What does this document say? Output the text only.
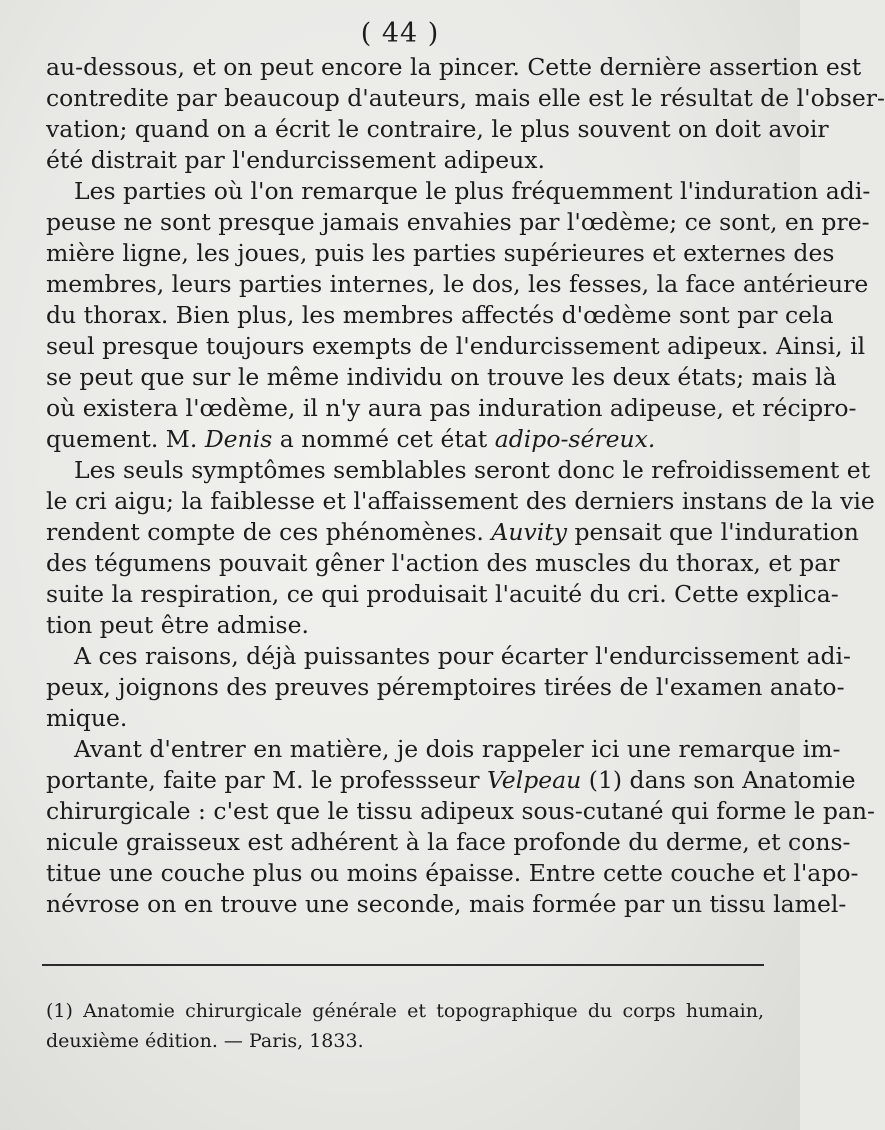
( 44 )
au-dessous, et on peut encore la pincer. Cette dernière assertion est
contredite par beaucoup d'auteurs, mais elle est le résultat de l'obser-
vation; quand on a écrit le contraire, le plus souvent on doit avoir
été distrait par l'endurcissement adipeux.
Les parties où l'on remarque le plus fréquemment l'induration adi-
peuse ne sont presque jamais envahies par l'œdème; ce sont, en pre-
mière ligne, les joues, puis les parties supérieures et externes des
membres, leurs parties internes, le dos, les fesses, la face antérieure
du thorax. Bien plus, les membres affectés d'œdème sont par cela
seul presque toujours exempts de l'endurcissement adipeux. Ainsi, il
se peut que sur le même individu on trouve les deux états; mais là
où existera l'œdème, il n'y aura pas induration adipeuse, et récipro-
quement. M. Denis a nommé cet état adipo-séreux.
Les seuls symptômes semblables seront donc le refroidissement et
le cri aigu; la faiblesse et l'affaissement des derniers instans de la vie
rendent compte de ces phénomènes. Auvity pensait que l'induration
des tégumens pouvait gêner l'action des muscles du thorax, et par
suite la respiration, ce qui produisait l'acuité du cri. Cette explica-
tion peut être admise.
A ces raisons, déjà puissantes pour écarter l'endurcissement adi-
peux, joignons des preuves péremptoires tirées de l'examen anato-
mique.
Avant d'entrer en matière, je dois rappeler ici une remarque im-
portante, faite par M. le professseur Velpeau (1) dans son Anatomie
chirurgicale : c'est que le tissu adipeux sous-cutané qui forme le pan-
nicule graisseux est adhérent à la face profonde du derme, et cons-
titue une couche plus ou moins épaisse. Entre cette couche et l'apo-
névrose on en trouve une seconde, mais formée par un tissu lamel-
(1) Anatomie chirurgicale générale et topographique du corps humain,
deuxième édition. — Paris, 1833.
